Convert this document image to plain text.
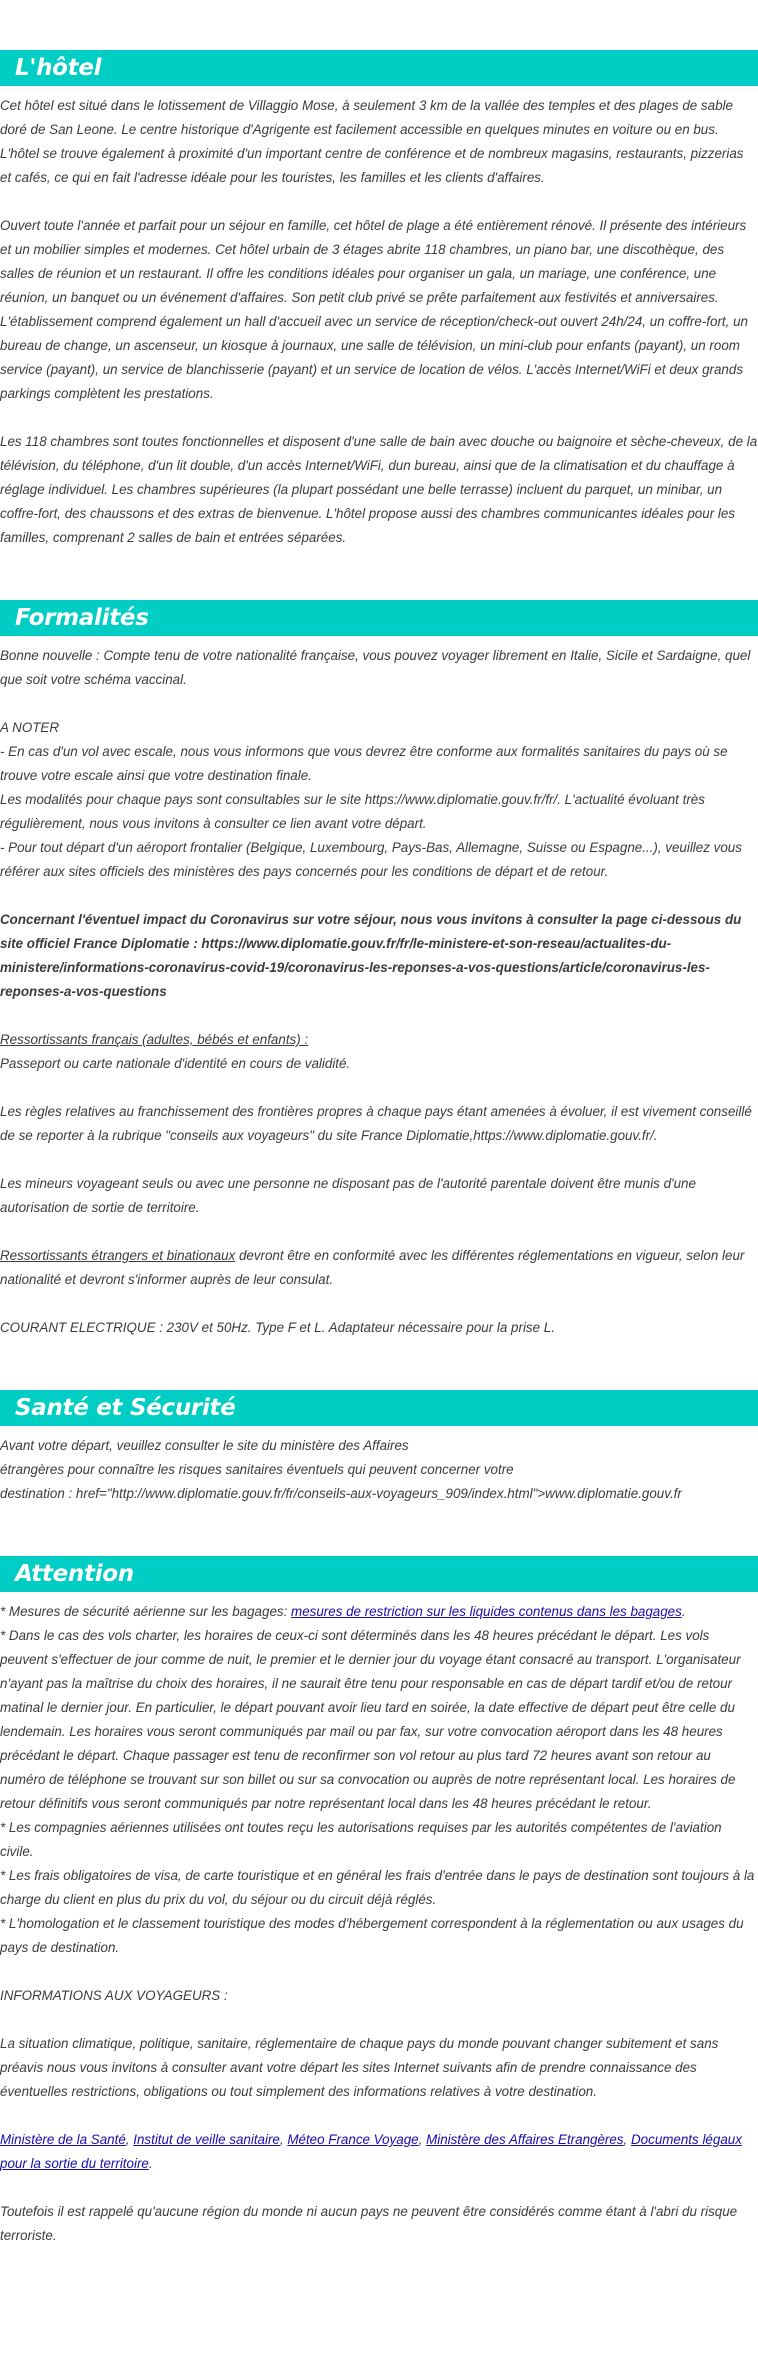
L'hôtel

Cet hôtel est situé dans le lotissement de Villaggio Mose, à seulement 3 km de la vallée des temples et des plages de sable doré de San Leone. Le centre historique d'Agrigente est facilement accessible en quelques minutes en voiture ou en bus. L'hôtel se trouve également à proximité d'un important centre de conférence et de nombreux magasins, restaurants, pizzerias et cafés, ce qui en fait l'adresse idéale pour les touristes, les familles et les clients d'affaires.

Ouvert toute l'année et parfait pour un séjour en famille, cet hôtel de plage a été entièrement rénové. Il présente des intérieurs et un mobilier simples et modernes. Cet hôtel urbain de 3 étages abrite 118 chambres, un piano bar, une discothèque, des salles de réunion et un restaurant. Il offre les conditions idéales pour organiser un gala, un mariage, une conférence, une réunion, un banquet ou un événement d'affaires. Son petit club privé se prête parfaitement aux festivités et anniversaires. L'établissement comprend également un hall d'accueil avec un service de réception/check-out ouvert 24h/24, un coffre-fort, un bureau de change, un ascenseur, un kiosque à journaux, une salle de télévision, un mini-club pour enfants (payant), un room service (payant), un service de blanchisserie (payant) et un service de location de vélos. L'accès Internet/WiFi et deux grands parkings complètent les prestations.

Les 118 chambres sont toutes fonctionnelles et disposent d'une salle de bain avec douche ou baignoire et sèche-cheveux, de la télévision, du téléphone, d'un lit double, d'un accès Internet/WiFi, dun bureau, ainsi que de la climatisation et du chauffage à réglage individuel. Les chambres supérieures (la plupart possédant une belle terrasse) incluent du parquet, un minibar, un coffre-fort, des chaussons et des extras de bienvenue. L'hôtel propose aussi des chambres communicantes idéales pour les familles, comprenant 2 salles de bain et entrées séparées.

Formalités

Bonne nouvelle : Compte tenu de votre nationalité française, vous pouvez voyager librement en Italie, Sicile et Sardaigne, quel que soit votre schéma vaccinal.

A NOTER
- En cas d'un vol avec escale, nous vous informons que vous devrez être conforme aux formalités sanitaires du pays où se trouve votre escale ainsi que votre destination finale.
Les modalités pour chaque pays sont consultables sur le site https://www.diplomatie.gouv.fr/fr/. L'actualité évoluant très régulièrement, nous vous invitons à consulter ce lien avant votre départ.
- Pour tout départ d'un aéroport frontalier (Belgique, Luxembourg, Pays-Bas, Allemagne, Suisse ou Espagne...), veuillez vous référer aux sites officiels des ministères des pays concernés pour les conditions de départ et de retour.

Concernant l'éventuel impact du Coronavirus sur votre séjour, nous vous invitons à consulter la page ci-dessous du site officiel France Diplomatie : https://www.diplomatie.gouv.fr/fr/le-ministere-et-son-reseau/actualites-du-ministere/informations-coronavirus-covid-19/coronavirus-les-reponses-a-vos-questions/article/coronavirus-les-reponses-a-vos-questions

Ressortissants français (adultes, bébés et enfants) :
Passeport ou carte nationale d'identité en cours de validité.

Les règles relatives au franchissement des frontières propres à chaque pays étant amenées à évoluer, il est vivement conseillé de se reporter à la rubrique "conseils aux voyageurs" du site France Diplomatie,https://www.diplomatie.gouv.fr/.

Les mineurs voyageant seuls ou avec une personne ne disposant pas de l'autorité parentale doivent être munis d'une autorisation de sortie de territoire.

Ressortissants étrangers et binationaux devront être en conformité avec les différentes réglementations en vigueur, selon leur nationalité et devront s'informer auprès de leur consulat.

COURANT ELECTRIQUE : 230V et 50Hz. Type F et L. Adaptateur nécessaire pour la prise L.

Santé et Sécurité

Avant votre départ, veuillez consulter le site du ministère des Affaires
étrangères pour connaître les risques sanitaires éventuels qui peuvent concerner votre
destination : href="http://www.diplomatie.gouv.fr/fr/conseils-aux-voyageurs_909/index.html">www.diplomatie.gouv.fr

Attention

* Mesures de sécurité aérienne sur les bagages: mesures de restriction sur les liquides contenus dans les bagages.
* Dans le cas des vols charter, les horaires de ceux-ci sont déterminés dans les 48 heures précédant le départ. Les vols peuvent s'effectuer de jour comme de nuit, le premier et le dernier jour du voyage étant consacré au transport. L'organisateur n'ayant pas la maîtrise du choix des horaires, il ne saurait être tenu pour responsable en cas de départ tardif et/ou de retour matinal le dernier jour. En particulier, le départ pouvant avoir lieu tard en soirée, la date effective de départ peut être celle du lendemain. Les horaires vous seront communiqués par mail ou par fax, sur votre convocation aéroport dans les 48 heures précédant le départ. Chaque passager est tenu de reconfirmer son vol retour au plus tard 72 heures avant son retour au numéro de téléphone se trouvant sur son billet ou sur sa convocation ou auprès de notre représentant local. Les horaires de retour définitifs vous seront communiqués par notre représentant local dans les 48 heures précédant le retour.
* Les compagnies aériennes utilisées ont toutes reçu les autorisations requises par les autorités compétentes de l'aviation civile.
* Les frais obligatoires de visa, de carte touristique et en général les frais d'entrée dans le pays de destination sont toujours à la charge du client en plus du prix du vol, du séjour ou du circuit déjà réglés.
* L'homologation et le classement touristique des modes d'hébergement correspondent à la réglementation ou aux usages du pays de destination.

INFORMATIONS AUX VOYAGEURS :

La situation climatique, politique, sanitaire, réglementaire de chaque pays du monde pouvant changer subitement et sans préavis nous vous invitons à consulter avant votre départ les sites Internet suivants afin de prendre connaissance des éventuelles restrictions, obligations ou tout simplement des informations relatives à votre destination.

Ministère de la Santé, Institut de veille sanitaire, Méteo France Voyage, Ministère des Affaires Etrangères, Documents légaux pour la sortie du territoire.

Toutefois il est rappelé qu'aucune région du monde ni aucun pays ne peuvent être considérés comme étant à l'abri du risque terroriste.
